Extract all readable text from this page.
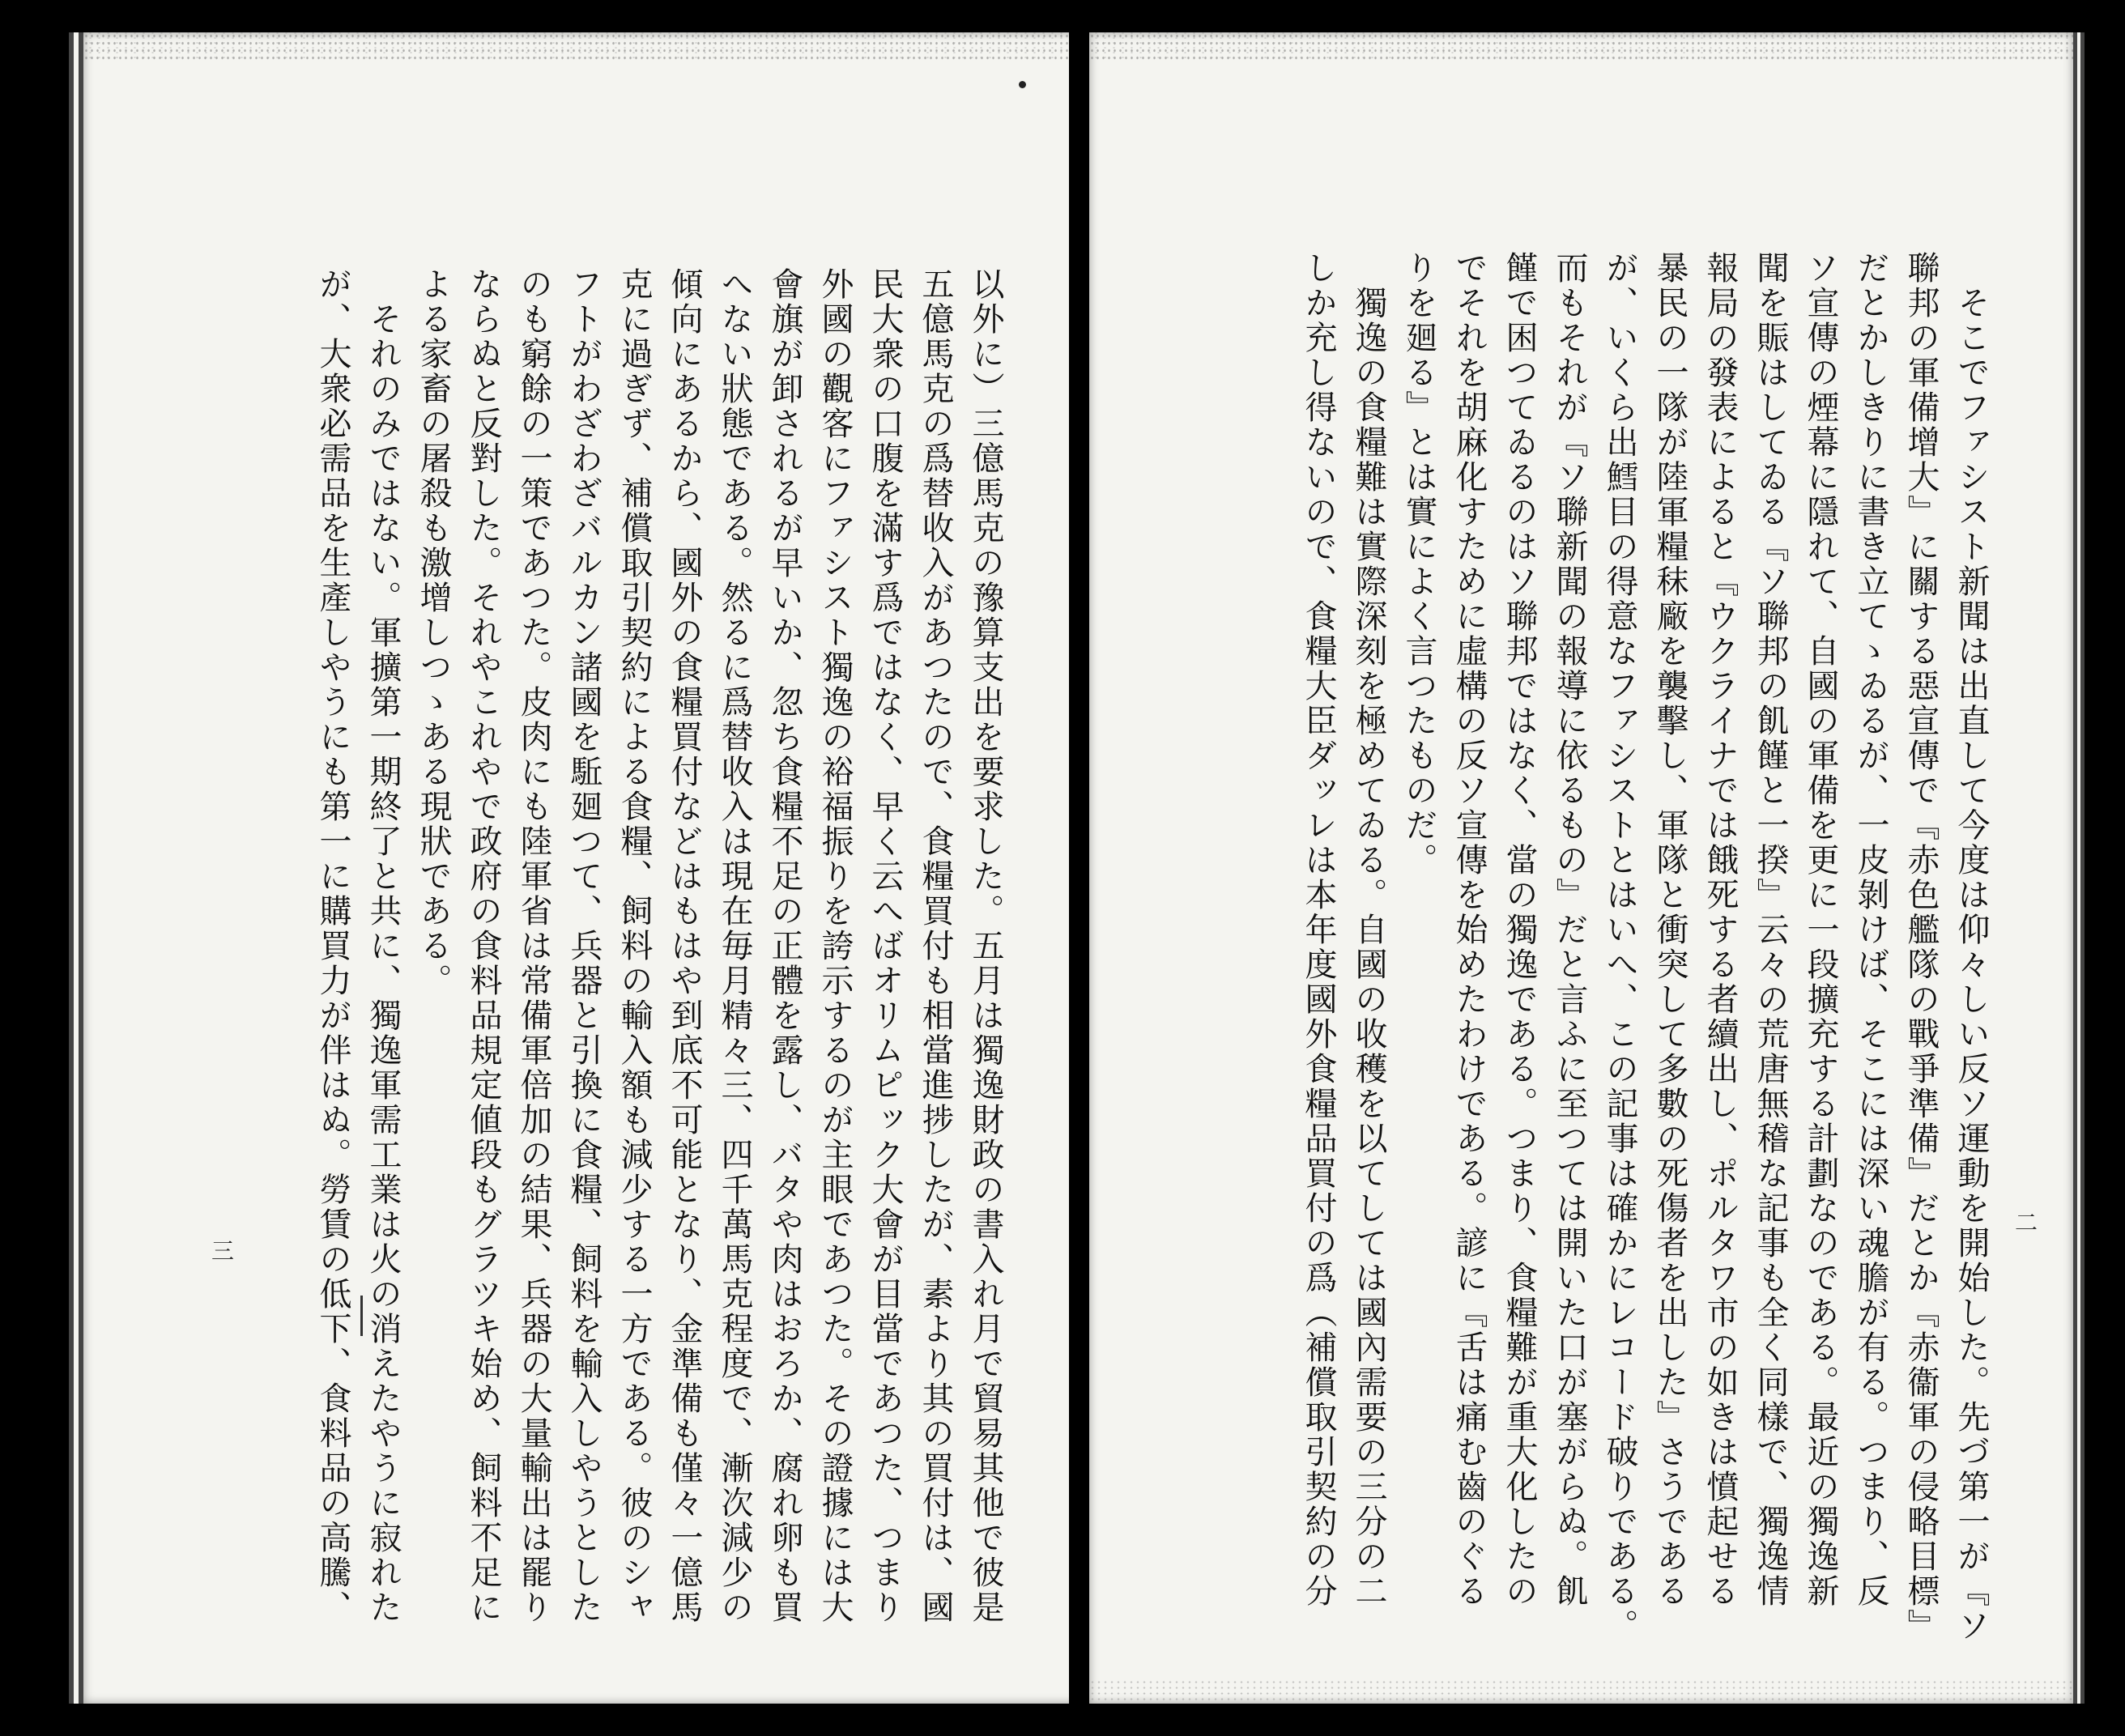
以外に）三億馬克の豫算支出を要求した。五月は獨逸財政の書入れ月で貿易其他で彼是
五億馬克の爲替收入があつたので、食糧買付も相當進捗したが、素より其の買付は、國
民大衆の口腹を滿す爲ではなく、早く云へばオリムピック大會が目當であつた、つまり
外國の觀客にファシスト獨逸の裕福振りを誇示するのが主眼であつた。その證據には大
會旗が卸されるが早いか、忽ち食糧不足の正體を露し、バタや肉はおろか、腐れ卵も買
へない狀態である。然るに爲替收入は現在毎月精々三、四千萬馬克程度で、漸次減少の
傾向にあるから、國外の食糧買付などはもはや到底不可能となり、金準備も僅々一億馬
克に過ぎず、補償取引契約による食糧、飼料の輸入額も減少する一方である。彼のシャ
フトがわざわざバルカン諸國を駈廻つて、兵器と引換に食糧、飼料を輸入しやうとした
のも窮餘の一策であつた。皮肉にも陸軍省は常備軍倍加の結果、兵器の大量輸出は罷り
ならぬと反對した。それやこれやで政府の食料品規定値段もグラツキ始め、飼料不足に
よる家畜の屠殺も激增しつゝある現狀である。
　それのみではない。軍擴第一期終了と共に、獨逸軍需工業は火の消えたやうに寂れた
が、大衆必需品を生產しやうにも第一に購買力が伴はぬ。勞賃の低下、食料品の高騰、
三	　そこでファシスト新聞は出直して今度は仰々しい反ソ運動を開始した。先づ第一が『ソ
聯邦の軍備增大』に關する惡宣傳で『赤色艦隊の戰爭準備』だとか『赤衞軍の侵略目標』
だとかしきりに書き立てゝゐるが、一皮剝けば、そこには深い魂膽が有る。つまり、反
ソ宣傳の煙幕に隱れて、自國の軍備を更に一段擴充する計劃なのである。最近の獨逸新
聞を賑はしてゐる『ソ聯邦の飢饉と一揆』云々の荒唐無稽な記事も全く同樣で、獨逸情
報局の發表によると『ウクライナでは餓死する者續出し、ポルタワ市の如きは憤起せる
暴民の一隊が陸軍糧秣廠を襲擊し、軍隊と衝突して多數の死傷者を出した』さうである
が、いくら出鱈目の得意なファシストとはいへ、この記事は確かにレコード破りである。
而もそれが『ソ聯新聞の報導に依るもの』だと言ふに至つては開いた口が塞がらぬ。飢
饉で困つてゐるのはソ聯邦ではなく、當の獨逸である。つまり、食糧難が重大化したの
でそれを胡麻化すために虛構の反ソ宣傳を始めたわけである。諺に『舌は痛む齒のぐる
りを廻る』とは實によく言つたものだ。
　獨逸の食糧難は實際深刻を極めてゐる。自國の收穫を以てしては國內需要の三分の二
しか充し得ないので、食糧大臣ダッレは本年度國外食糧品買付の爲（補償取引契約の分	二
